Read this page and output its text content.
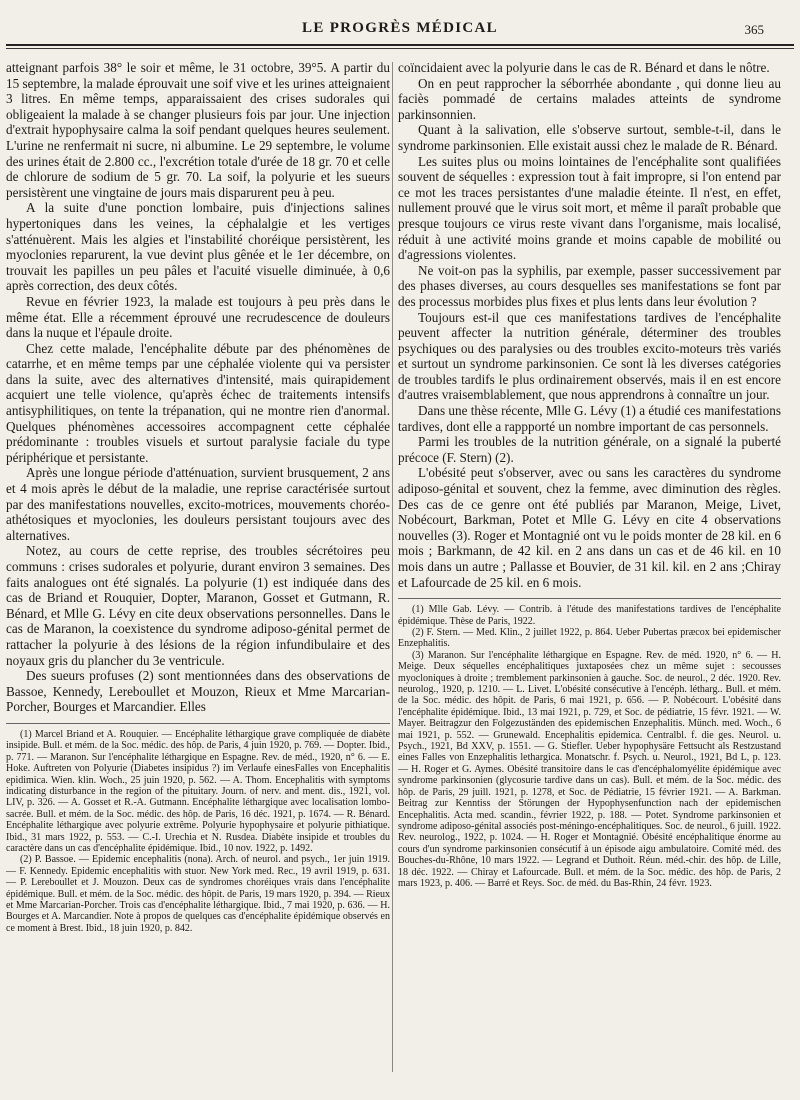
LE PROGRÈS MÉDICAL	365

atteignant parfois 38° le soir et même, le 31 octobre, 39°5. A partir du 15 septembre, la malade éprouvait une soif vive et les urines atteignaient 3 litres. En même temps, apparaissaient des crises sudorales qui obligeaient la malade à se changer plusieurs fois par jour. Une injection d'extrait hypophysaire calma la soif pendant quelques heures seulement. L'urine ne renfermait ni sucre, ni albumine. Le 29 septembre, le volume des urines était de 2.800 cc., l'excrétion totale d'urée de 18 gr. 70 et celle de chlorure de sodium de 5 gr. 70. La soif, la polyurie et les sueurs persistèrent une vingtaine de jours mais disparurent peu à peu.

A la suite d'une ponction lombaire, puis d'injections salines hypertoniques dans les veines, la céphalalgie et les vertiges s'atténuèrent. Mais les algies et l'instabilité choréique persistèrent, les myoclonies reparurent, la vue devint plus gênée et le 1er décembre, on trouvait les papilles un peu pâles et l'acuité visuelle diminuée, à 0,6 après correction, des deux côtés.

Revue en février 1923, la malade est toujours à peu près dans le même état. Elle a récemment éprouvé une recrudescence de douleurs dans la nuque et l'épaule droite.

Chez cette malade, l'encéphalite débute par des phénomènes de catarrhe, et en même temps par une céphalée violente qui va persister dans la suite, avec des alternatives d'intensité, mais quirapidement acquiert une telle violence, qu'après échec de traitements intensifs antisyphilitiques, on tente la trépanation, qui ne montre rien d'anormal. Quelques phénomènes accessoires accompagnent cette céphalée prédominante : troubles visuels et surtout paralysie faciale du type périphérique et persistante.

Après une longue période d'atténuation, survient brusquement, 2 ans et 4 mois après le début de la maladie, une reprise caractérisée surtout par des manifestations nouvelles, excito-motrices, mouvements choréo-athétosiques et myoclonies, les douleurs persistant toujours avec des alternatives.

Notez, au cours de cette reprise, des troubles sécrétoires peu communs : crises sudorales et polyurie, durant environ 3 semaines. Des faits analogues ont été signalés. La polyurie (1) est indiquée dans des cas de Briand et Rouquier, Dopter, Maranon, Gosset et Gutmann, R. Bénard, et Mlle G. Lévy en cite deux observations personnelles. Dans le cas de Maranon, la coexistence du syndrome adiposo-génital permet de rattacher la polyurie à des lésions de la région infundibulaire et des noyaux gris du plancher du 3e ventricule.

Des sueurs profuses (2) sont mentionnées dans des observations de Bassoe, Kennedy, Lereboullet et Mouzon, Rieux et Mme Marcarian-Porcher, Bourges et Marcandier. Elles

(1) Marcel Briand et A. Rouquier. — Encéphalite léthargique grave compliquée de diabète insipide. Bull. et mém. de la Soc. médic. des hôp. de Paris, 4 juin 1920, p. 769. — Dopter. Ibid., p. 771. — Maranon. Sur l'encéphalite léthargique en Espagne. Rev. de méd., 1920, n° 6. — E. Hoke. Auftreten von Polyurie (Diabetes insipidus ?) im Verlaufe einesFalles von Encephalitis epidimica. Wien. klin. Woch., 25 juin 1920, p. 562. — A. Thom. Encephalitis with symptoms indicating disturbance in the region of the pituitary. Journ. of nerv. and ment. dis., 1921, vol. LIV, p. 326. — A. Gosset et R.-A. Gutmann. Encéphalite léthargique avec localisation lombo-sacrée. Bull. et mém. de la Soc. médic. des hôp. de Paris, 16 déc. 1921, p. 1674. — R. Bénard. Encéphalite léthargique avec polyurie extrême. Polyurie hypophysaire et polyurie pithiatique. Ibid., 31 mars 1922, p. 553. — C.-I. Urechia et N. Rusdea. Diabète insipide et troubles du caractère dans un cas d'encéphalite épidémique. Ibid., 10 nov. 1922, p. 1492.

(2) P. Bassoe. — Epidemic encephalitis (nona). Arch. of neurol. and psych., 1er juin 1919. — F. Kennedy. Epidemic encephalitis with stuor. New York med. Rec., 19 avril 1919, p. 631. — P. Lereboullet et J. Mouzon. Deux cas de syndromes choréiques vrais dans l'encéphalite épidémique. Bull. et mém. de la Soc. médic. des hôpit. de Paris, 19 mars 1920, p. 394. — Rieux et Mme Marcarian-Porcher. Trois cas d'encéphalite léthargique. Ibid., 7 mai 1920, p. 636. — H. Bourges et A. Marcandier. Note à propos de quelques cas d'encéphalite épidémique observés en ce moment à Brest. Ibid., 18 juin 1920, p. 842.

coïncidaient avec la polyurie dans le cas de R. Bénard et dans le nôtre.

On en peut rapprocher la séborrhée abondante , qui donne lieu au faciès pommadé de certains malades atteints de syndrome parkinsonnien.

Quant à la salivation, elle s'observe surtout, semble-t-il, dans le syndrome parkinsonien. Elle existait aussi chez le malade de R. Bénard.

Les suites plus ou moins lointaines de l'encéphalite sont qualifiées souvent de séquelles : expression tout à fait impropre, si l'on entend par ce mot les traces persistantes d'une maladie éteinte. Il n'est, en effet, nullement prouvé que le virus soit mort, et même il paraît probable que presque toujours ce virus reste vivant dans l'organisme, mais localisé, réduit à une activité moins grande et moins capable de mobilité ou d'agressions violentes.

Ne voit-on pas la syphilis, par exemple, passer successivement par des phases diverses, au cours desquelles ses manifestations se font par des processus morbides plus fixes et plus lents dans leur évolution ?

Toujours est-il que ces manifestations tardives de l'encéphalite peuvent affecter la nutrition générale, déterminer des troubles psychiques ou des paralysies ou des troubles excito-moteurs très variés et surtout un syndrome parkinsonien. Ce sont là les diverses catégories de troubles tardifs le plus ordinairement observés, mais il en est encore d'autres vraisemblablement, que nous apprendrons à connaître un jour.

Dans une thèse récente, Mlle G. Lévy (1) a étudié ces manifestations tardives, dont elle a rappporté un nombre important de cas personnels.

Parmi les troubles de la nutrition générale, on a signalé la puberté précoce (F. Stern) (2).

L'obésité peut s'observer, avec ou sans les caractères du syndrome adiposo-génital et souvent, chez la femme, avec diminution des règles. Des cas de ce genre ont été publiés par Maranon, Meige, Livet, Nobécourt, Barkman, Potet et Mlle G. Lévy en cite 4 observations nouvelles (3). Roger et Montagnié ont vu le poids monter de 28 kil. en 6 mois ; Barkmann, de 42 kil. en 2 ans dans un cas et de 46 kil. en 10 mois dans un autre ; Pallasse et Bouvier, de 31 kil. kil. en 2 ans ;Chiray et Lafourcade de 25 kil. en 6 mois.

(1) Mlle Gab. Lévy. — Contrib. à l'étude des manifestations tardives de l'encéphalite épidémique. Thèse de Paris, 1922.

(2) F. Stern. — Med. Klin., 2 juillet 1922, p. 864. Ueber Pubertas præcox bei epidemischer Enzephalitis.

(3) Maranon. Sur l'encéphalite léthargique en Espagne. Rev. de méd. 1920, n° 6. — H. Meige. Deux séquelles encéphalitiques juxtaposées chez un même sujet : secousses myocloniques à droite ; tremblement parkinsonien à gauche. Soc. de neurol., 2 déc. 1920. Rev. neurolog., 1920, p. 1210. — L. Livet. L'obésité consécutive à l'encéph. létharg.. Bull. et mém. de la Soc. médic. des hôpit. de Paris, 6 mai 1921, p. 656. — P. Nobécourt. L'obésité dans l'encéphalite épidémique. Ibid., 13 mai 1921, p. 729, et Soc. de pédiatrie, 15 févr. 1921. — W. Mayer. Beitragzur den Folgezuständen des epidemischen Enzephalitis. Münch. med. Woch., 6 mai 1921, p. 552. — Grunewald. Encephalitis epidemica. Centralbl. f. die ges. Neurol. u. Psych., 1921, Bd XXV, p. 1551. — G. Stiefler. Ueber hypophysäre Fettsucht als Restzustand eines Falles von Enzephalitis lethargica. Monatschr. f. Psych. u. Neurol., 1921, Bd L, p. 123. — H. Roger et G. Aymes. Obésité transitoire dans le cas d'encéphalomyélite épidémique avec syndrome parkinsonien (glycosurie tardive dans un cas). Bull. et mém. de la Soc. médic. des hôp. de Paris, 29 juill. 1921, p. 1278, et Soc. de Pédiatrie, 15 février 1921. — A. Barkman. Beitrag zur Kenntiss der Störungen der Hypophysenfunction nach der epidemischen Encephalitis. Acta med. scandin., février 1922, p. 188. — Potet. Syndrome parkinsonien et syndrome adiposo-génital associés post-méningo-encéphalitiques. Soc. de neurol., 6 juill. 1922. Rev. neurolog., 1922, p. 1024. — H. Roger et Montagnié. Obésité encéphalitique énorme au cours d'un syndrome parkinsonien consécutif à un épisode aigu ambulatoire. Comité méd. des Bouches-du-Rhône, 10 mars 1922. — Legrand et Duthoit. Réun. méd.-chir. des hôp. de Lille, 18 déc. 1922. — Chiray et Lafourcade. Bull. et mém. de la Soc. médic. des hôp. de Paris, 2 mars 1923, p. 406. — Barré et Reys. Soc. de méd. du Bas-Rhin, 24 févr. 1923.
